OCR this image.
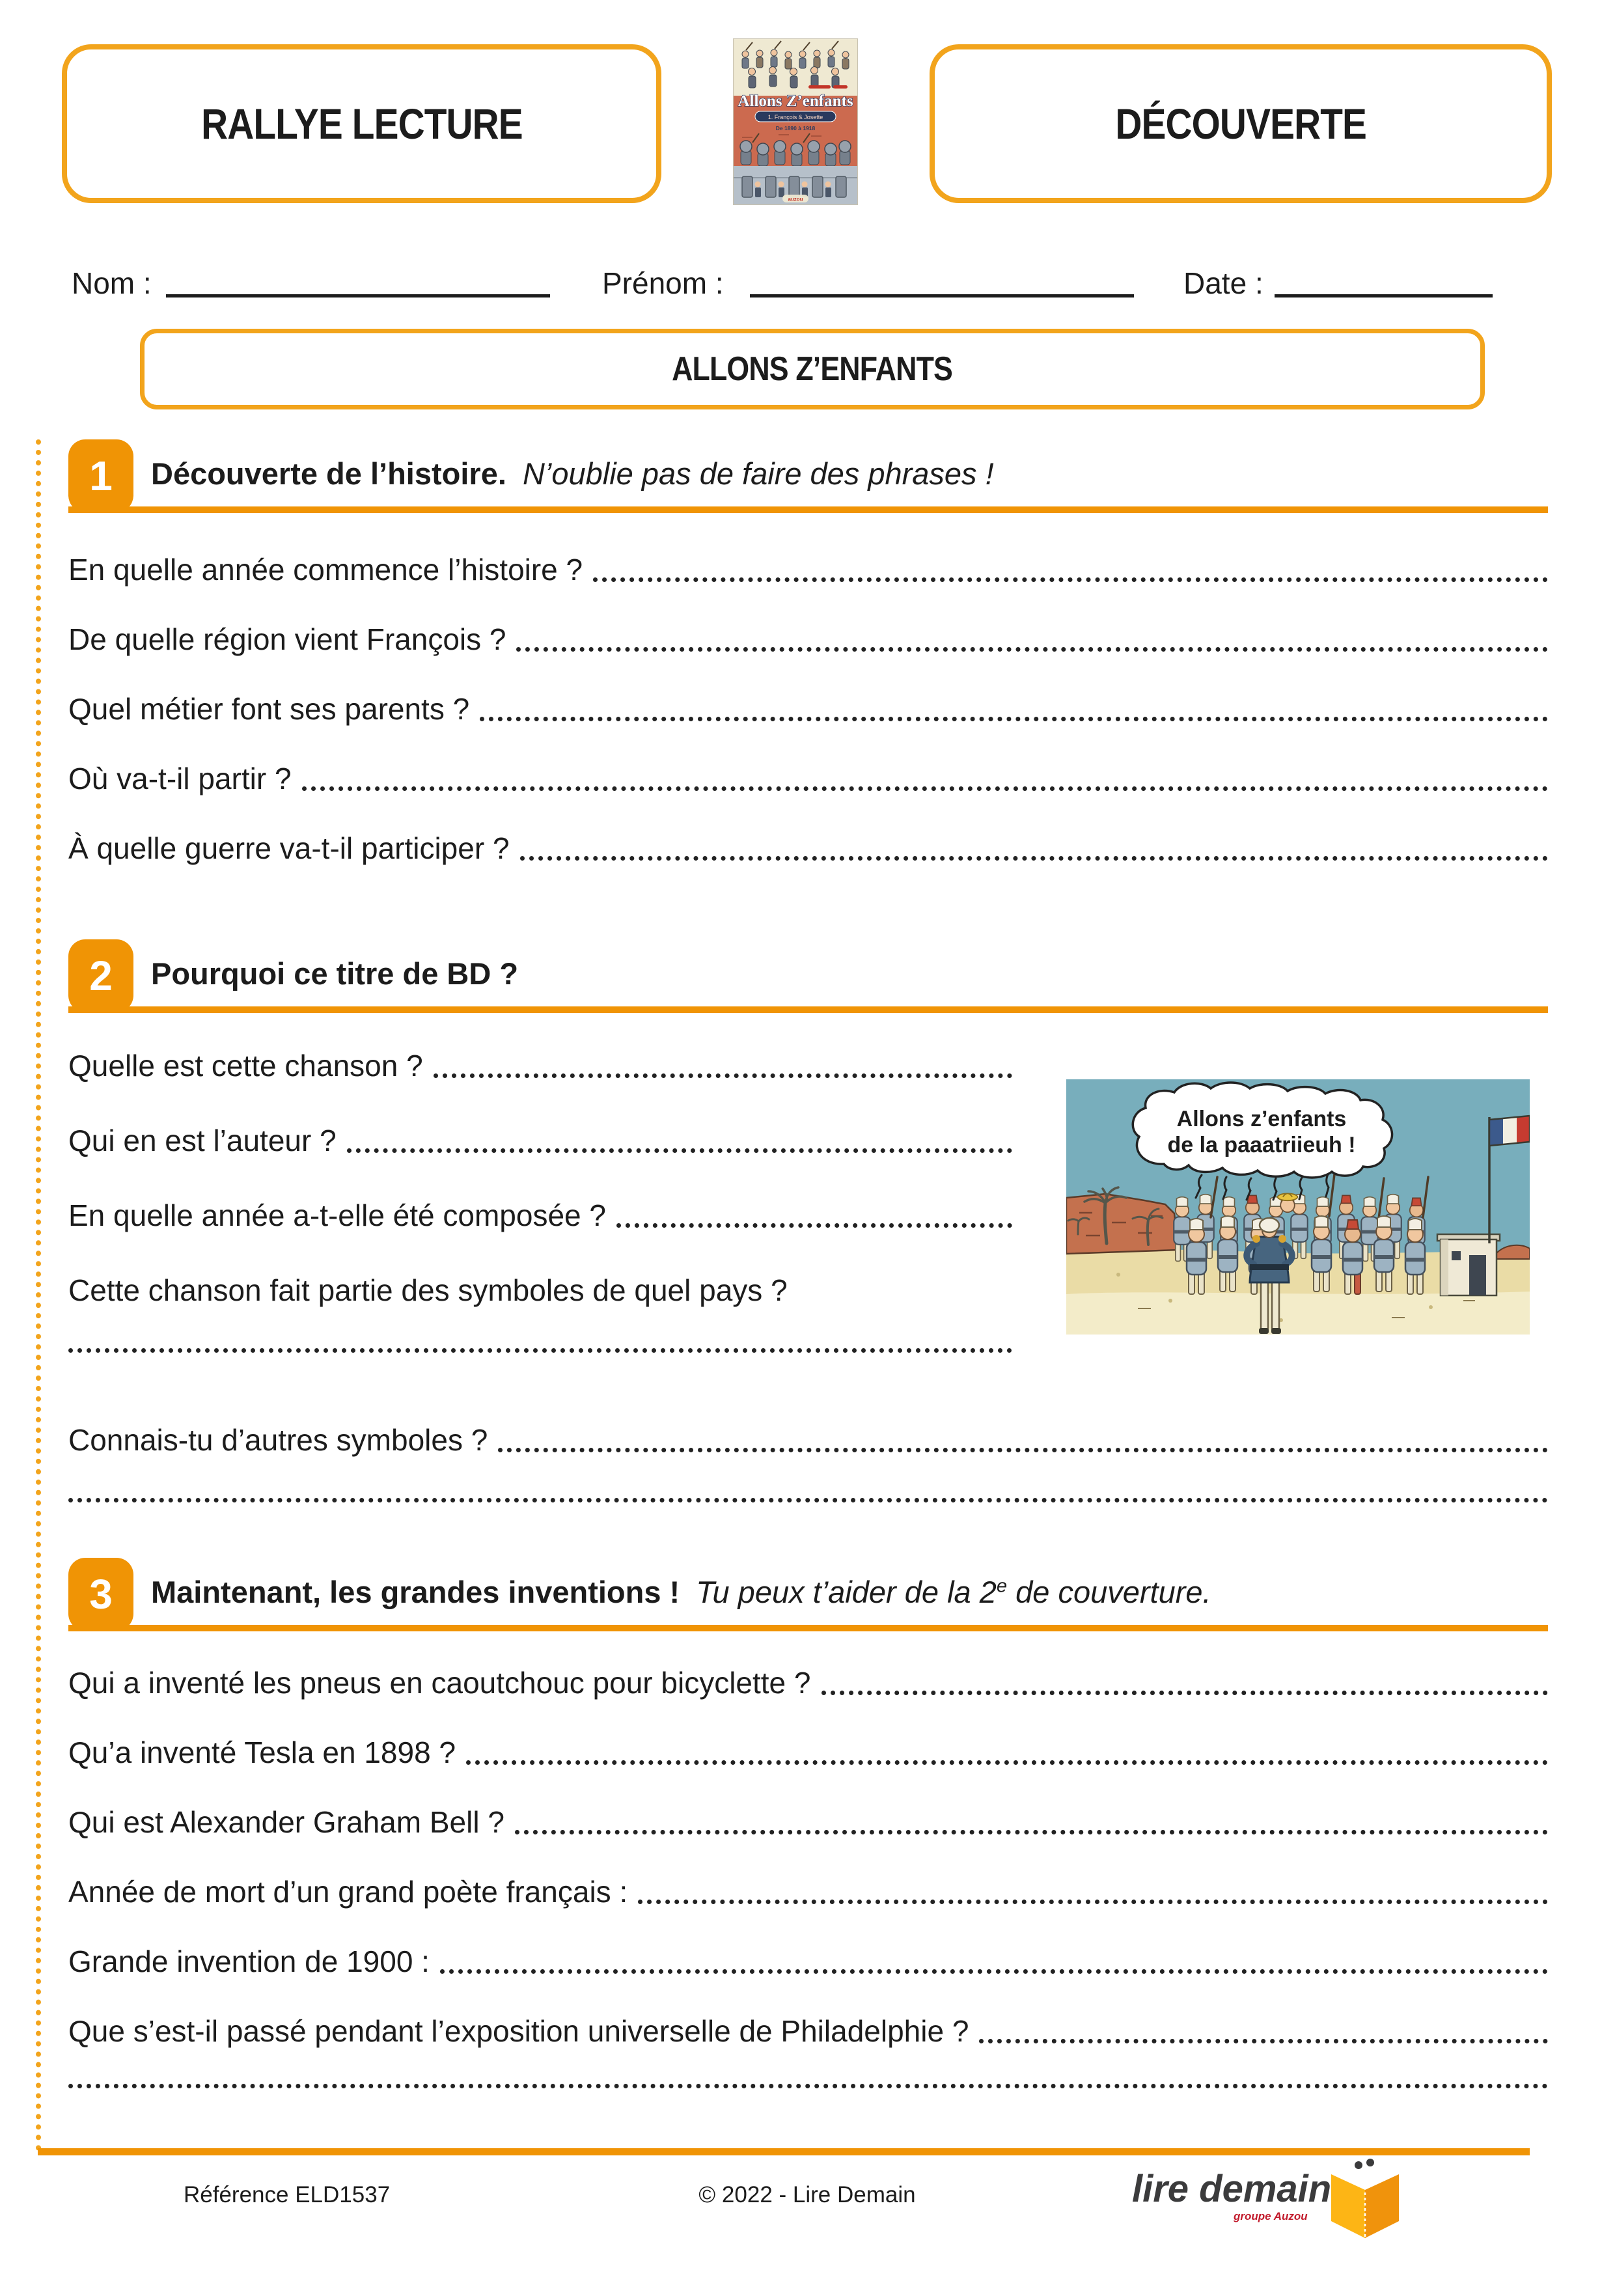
RALLYE LECTURE	Allons Z’enfants
1. François & Josette
De 1890 à 1918
auzou
DÉCOUVERTE
Nom :	Prénom :	Date :
ALLONS Z’ENFANTS
1	Découverte de l’histoire. N’oublie pas de faire des phrases !
En quelle année commence l’histoire ?
De quelle région vient François ?
Quel métier font ses parents ?
Où va-t-il partir ?
À quelle guerre va-t-il participer ?
2	Pourquoi ce titre de BD ?
Quelle est cette chanson ?
Qui en est l’auteur ?
En quelle année a-t-elle été composée ?
Cette chanson fait partie des symboles de quel pays ?
Connais-tu d’autres symboles ?
Allons z’enfants
de la paaatriieuh !
3	Maintenant, les grandes inventions ! Tu peux t’aider de la 2e de couverture.
Qui a inventé les pneus en caoutchouc pour bicyclette ?
Qu’a inventé Tesla en 1898 ?
Qui est Alexander Graham Bell ?
Année de mort d’un grand poète français :
Grande invention de 1900 :
Que s’est-il passé pendant l’exposition universelle de Philadelphie ?
Référence ELD1537	© 2022 - Lire Demain	lire demain
groupe Auzou
